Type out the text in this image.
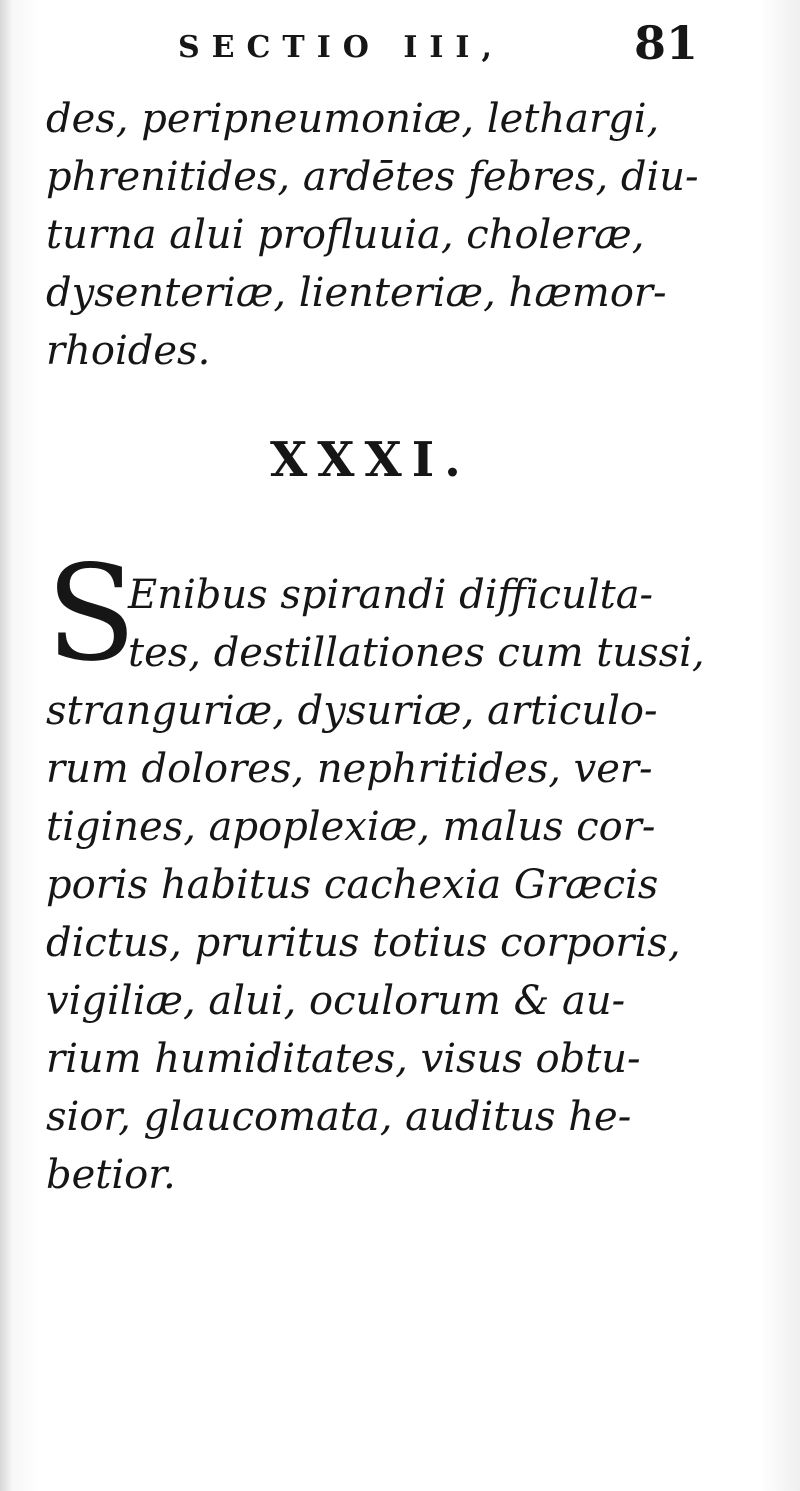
SECTIO III,	81
des, peripneumoniæ, lethargi,
phrenitides, ardētes febres, diu-
turna alui profluuia, choleræ,
dysenteriæ, lienteriæ, hæmor-
rhoides.
XXXI.
S
Enibus spirandi difficulta-
tes, destillationes cum tussi,
stranguriæ, dysuriæ, articulo-
rum dolores, nephritides, ver-
tigines, apoplexiæ, malus cor-
poris habitus cachexia Græcis
dictus, pruritus totius corporis,
vigiliæ, alui, oculorum & au-
rium humiditates, visus obtu-
sior, glaucomata, auditus he-
betior.
